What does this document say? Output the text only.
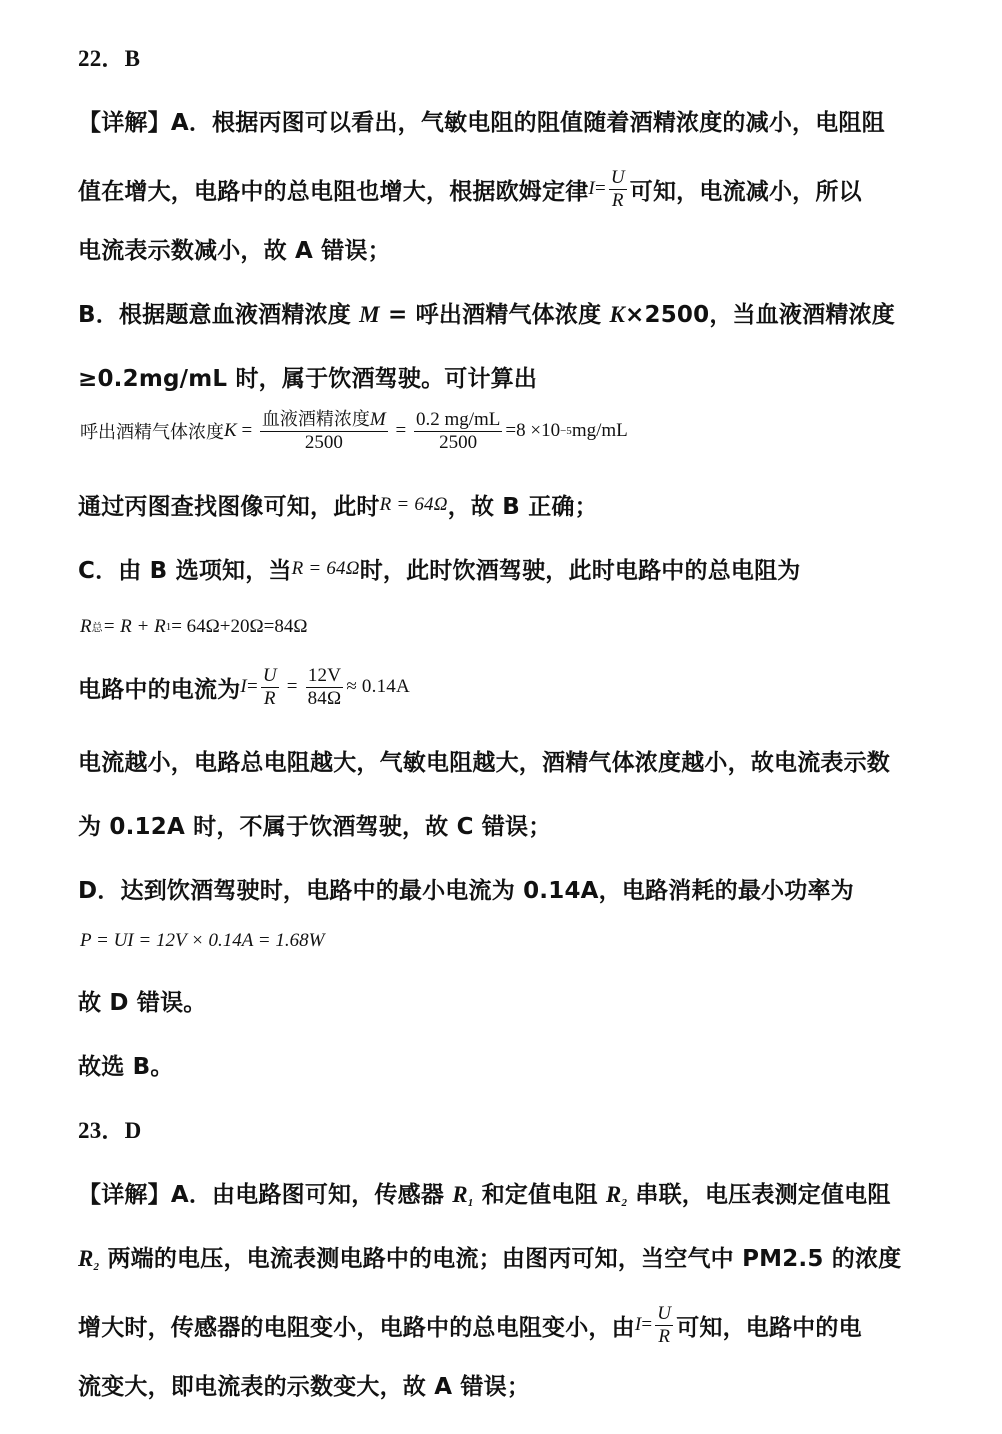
22．B
【详解】A．根据丙图可以看出，气敏电阻的阻值随着酒精浓度的减小，电阻阻
值在增大，电路中的总电阻也增大，根据欧姆定律 $I = \frac{U}{R}$ 可知，电流减小，所以
电流表示数减小，故 A 错误；
B．根据题意血液酒精浓度 M = 呼出酒精气体浓度 K×2500，当血液酒精浓度
≥0.2mg/mL 时，属于饮酒驾驶。可计算出
呼出酒精气体浓度 $K = \frac{\text{血液酒精浓度M}}{2500} = \frac{0.2 mg/mL}{2500} =8 \times 10 -5$ mg/mL
通过丙图查找图像可知，此时 R = 64Ω ，故 B 正确；
C．由 B 选项知，当 R = 64Ω 时，此时饮酒驾驶，此时电路中的总电阻为
R 总 = R + R 1 = 64Ω+20Ω=84Ω
电路中的电流为 $I = \frac{U}{R} = \frac{12V}{84\Omega} \approx 0.14A$
电流越小，电路总电阻越大，气敏电阻越大，酒精气体浓度越小，故电流表示数
为 0.12A 时，不属于饮酒驾驶，故 C 错误；
D．达到饮酒驾驶时，电路中的最小电流为 0.14A，电路消耗的最小功率为
P = UI = 12V × 0.14A = 1.68W
故 D 错误。
故选 B。
23．D
【详解】A．由电路图可知，传感器 $R_1$ 和定值电阻 $R_2$ 串联，电压表测定值电阻
$R_2$ 两端的电压，电流表测电路中的电流；由图丙可知，当空气中 PM2.5 的浓度
增大时，传感器的电阻变小，电路中的总电阻变小，由 $I = \frac{U}{R}$ 可知，电路中的电
流变大，即电流表的示数变大，故 A 错误；
